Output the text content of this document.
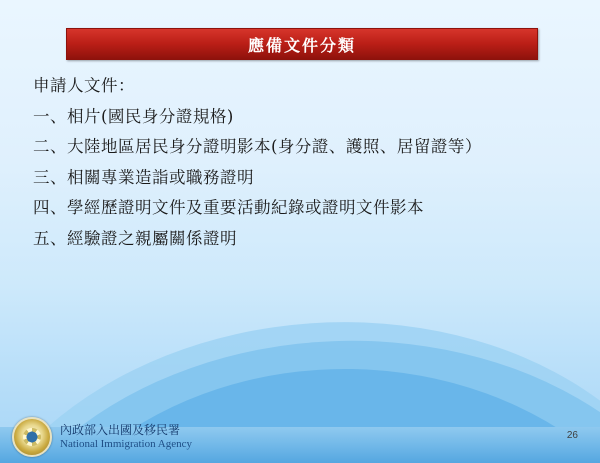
應備文件分類
申請人文件：
一、相片(國民身分證規格)
二、大陸地區居民身分證明影本(身分證、護照、居留證等）
三、相關專業造詣或職務證明
四、學經歷證明文件及重要活動紀錄或證明文件影本
五、經驗證之親屬關係證明
內政部入出國及移民署
National Immigration Agency
26
